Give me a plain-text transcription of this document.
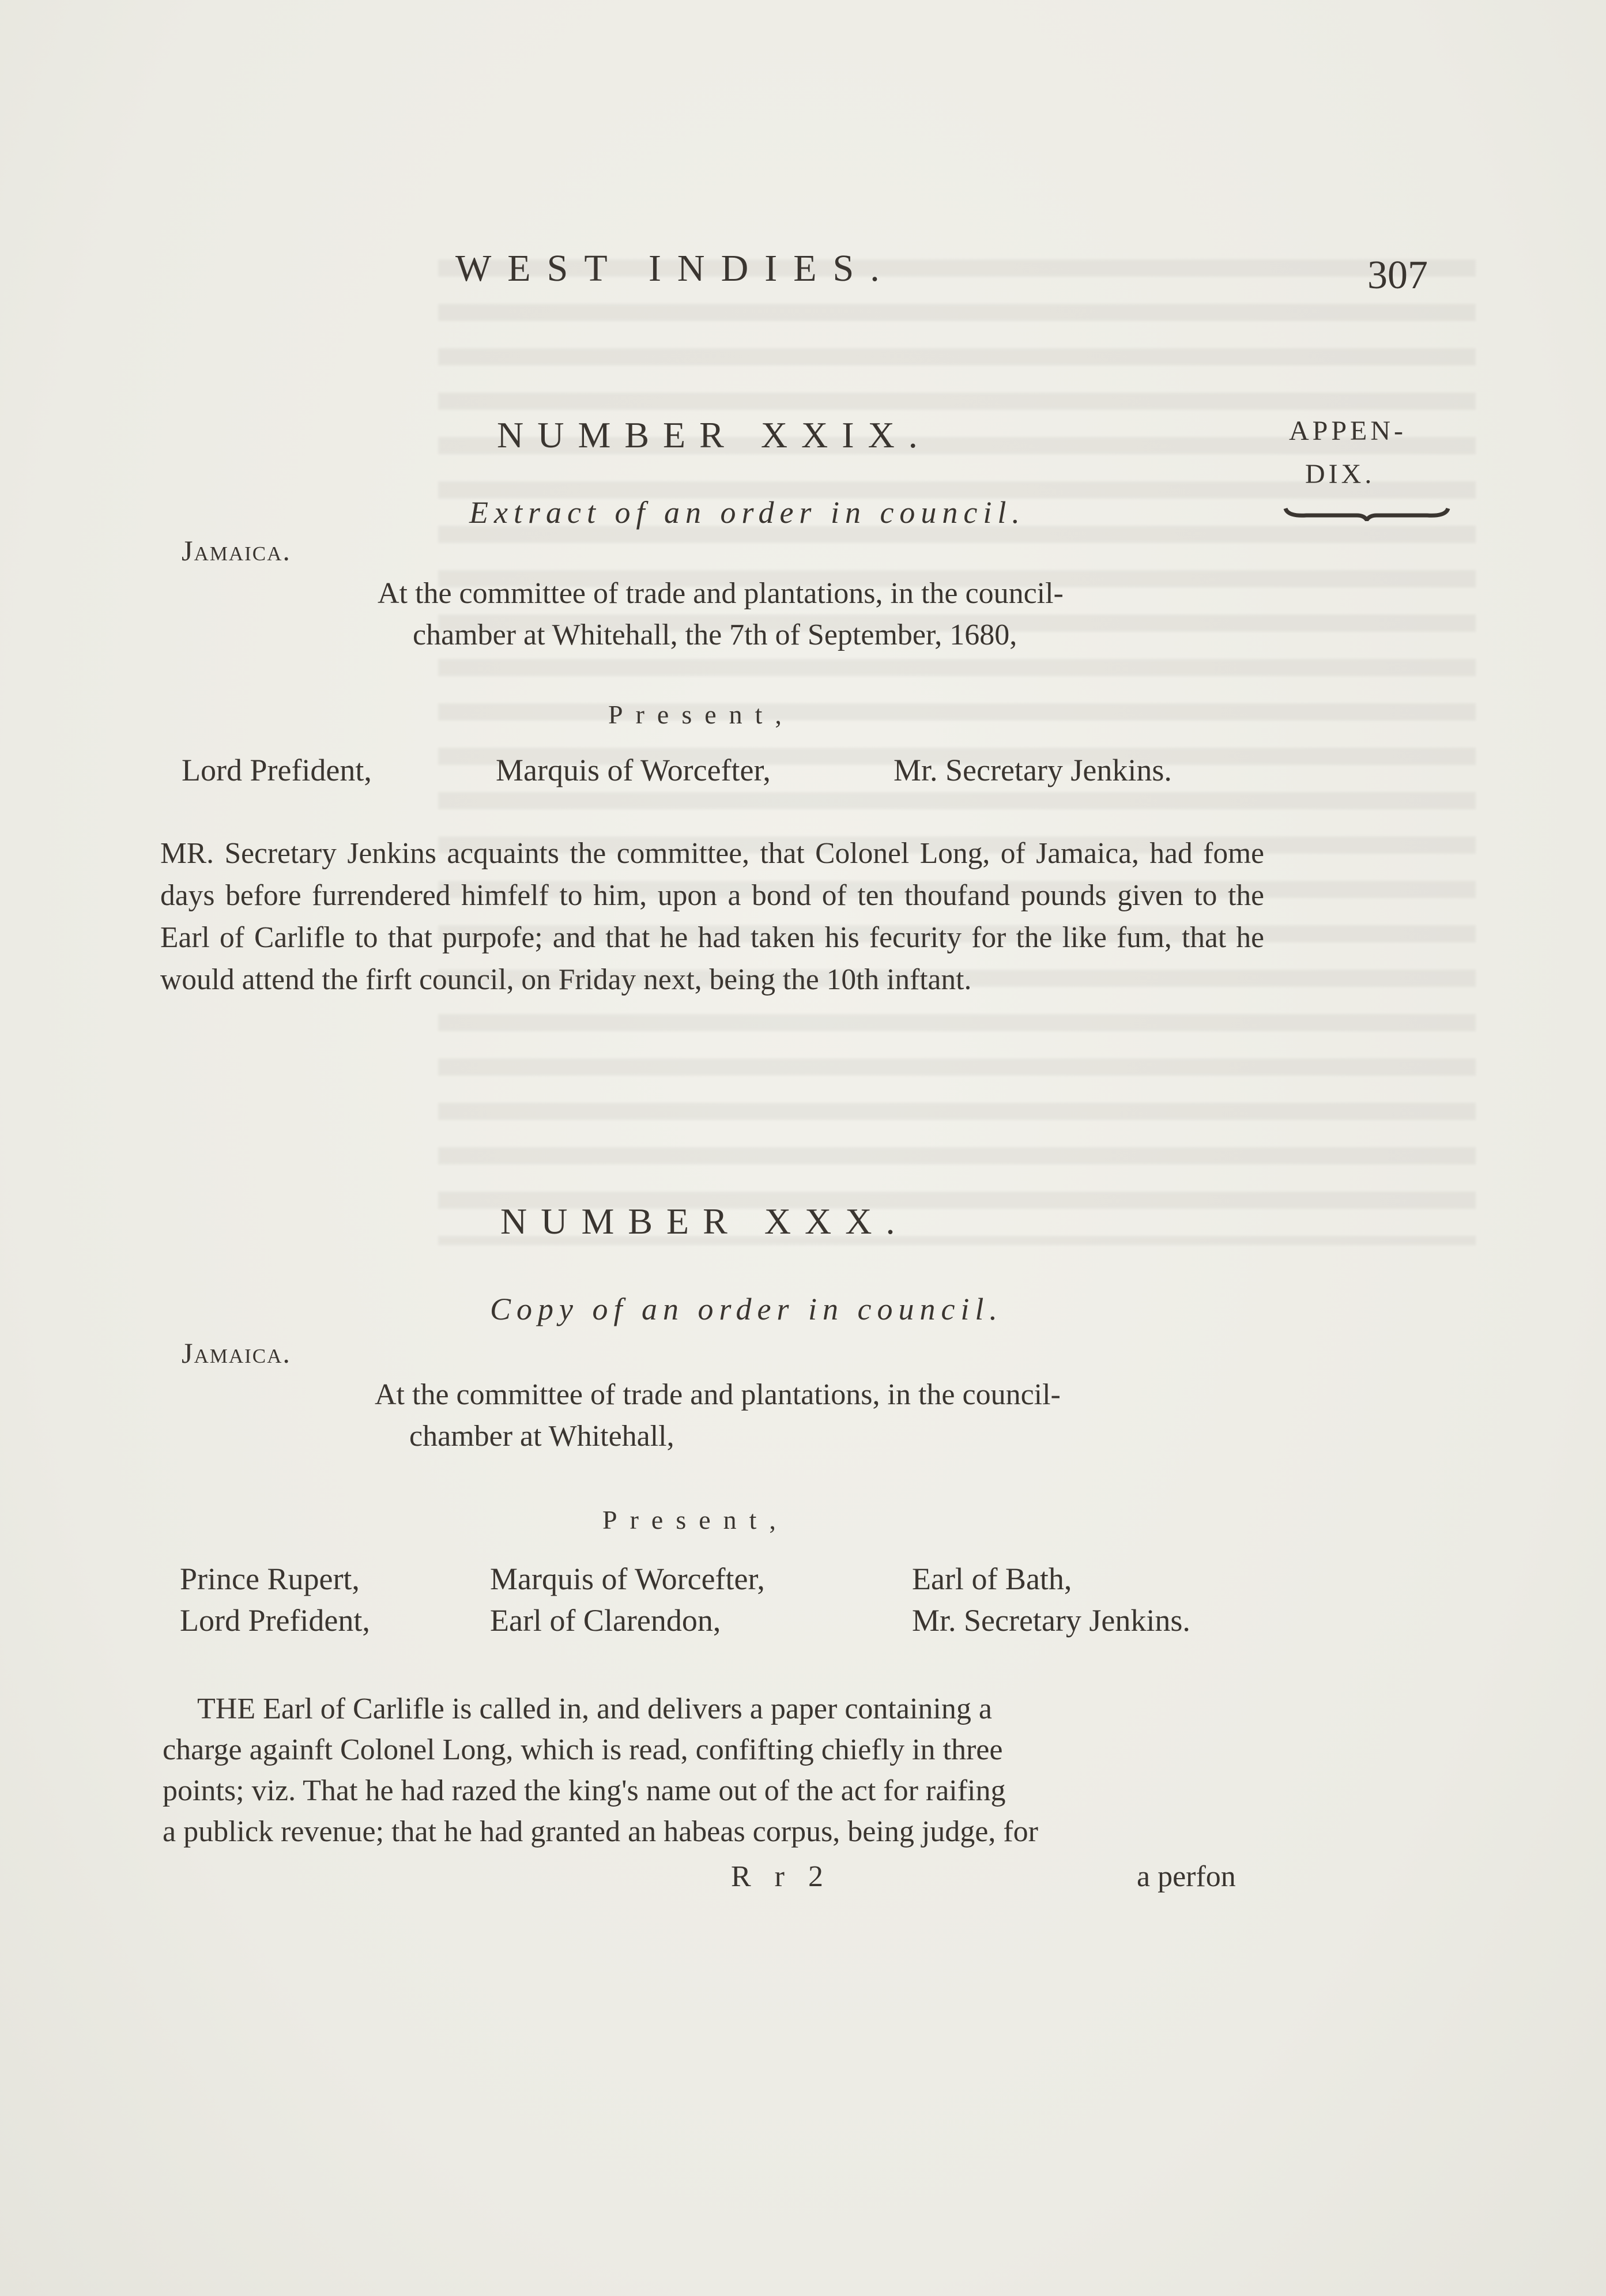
WEST INDIES.	307
APPEN-
DIX.
NUMBER XXIX.
Extract of an order in council.
Jamaica.
At the committee of trade and plantations, in the council-
chamber at Whitehall, the 7th of September, 1680,
Present,
Lord Prefident,	Marquis of Worcefter,	Mr. Secretary Jenkins.
MR. Secretary Jenkins acquaints the committee, that Colonel Long, of Jamaica, had fome days before furrendered himfelf to him, upon a bond of ten thoufand pounds given to the Earl of Carlifle to that purpofe; and that he had taken his fecurity for the like fum, that he would attend the firft council, on Friday next, being the 10th inftant.
NUMBER XXX.
Copy of an order in council.
Jamaica.
At the committee of trade and plantations, in the council-
chamber at Whitehall,
Present,
Prince Rupert,	Marquis of Worcefter,	Earl of Bath,
Lord Prefident,	Earl of Clarendon,	Mr. Secretary Jenkins.
THE Earl of Carlifle is called in, and delivers a paper containing a
charge againft Colonel Long, which is read, confifting chiefly in three
points; viz. That he had razed the king's name out of the act for raifing
a publick revenue; that he had granted an habeas corpus, being judge, for
R r 2	a perfon
